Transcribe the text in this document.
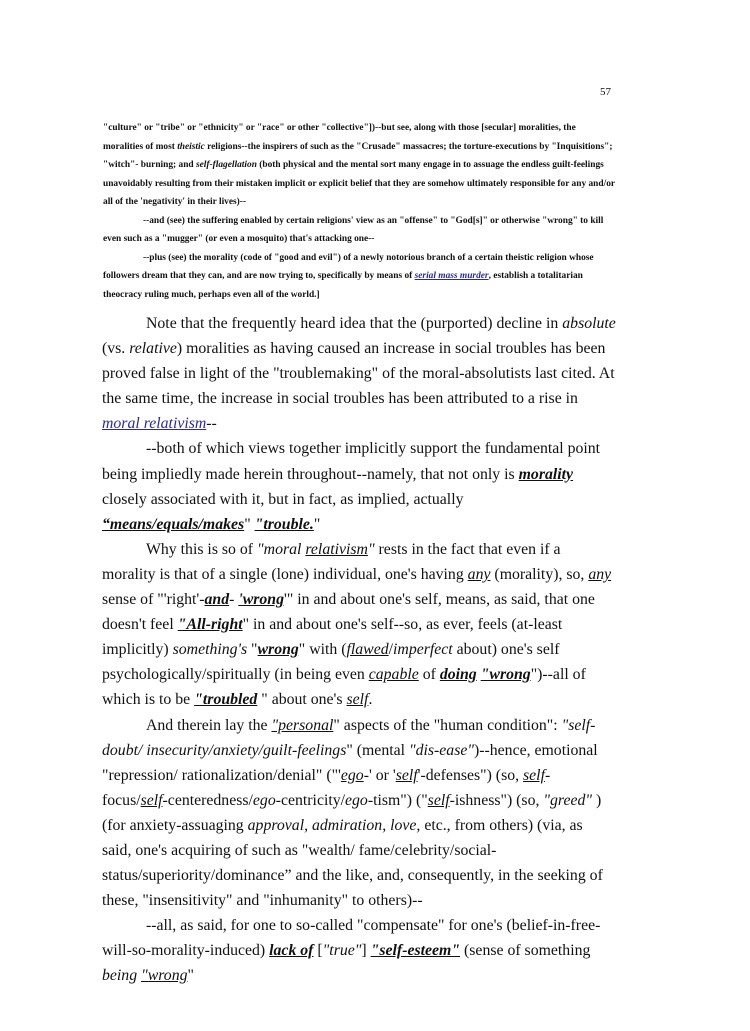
57

"culture" or "tribe" or "ethnicity" or "race" or other "collective"])--but see, along with those [secular] moralities, the moralities of most theistic religions--the inspirers of such as the "Crusade" massacres; the torture-executions by "Inquisitions"; "witch"- burning; and self-flagellation (both physical and the mental sort many engage in to assuage the endless guilt-feelings unavoidably resulting from their mistaken implicit or explicit belief that they are somehow ultimately responsible for any and/or all of the 'negativity' in their lives)--

--and (see) the suffering enabled by certain religions' view as an "offense" to "God[s]" or otherwise "wrong" to kill even such as a "mugger" (or even a mosquito) that's attacking one--

--plus (see) the morality (code of "good and evil") of a newly notorious branch of a certain theistic religion whose followers dream that they can, and are now trying to, specifically by means of serial mass murder, establish a totalitarian theocracy ruling much, perhaps even all of the world.]

Note that the frequently heard idea that the (purported) decline in absolute (vs. relative) moralities as having caused an increase in social troubles has been proved false in light of the "troublemaking" of the moral-absolutists last cited. At the same time, the increase in social troubles has been attributed to a rise in moral relativism--

--both of which views together implicitly support the fundamental point being impliedly made herein throughout--namely, that not only is morality closely associated with it, but in fact, as implied, actually “means/equals/makes" "trouble."

Why this is so of "moral relativism" rests in the fact that even if a morality is that of a single (lone) individual, one's having any (morality), so, any sense of "'right'-and- 'wrong'" in and about one's self, means, as said, that one doesn't feel "All-right" in and about one's self--so, as ever, feels (at-least implicitly) something's "wrong" with (flawed/imperfect about) one's self psychologically/spiritually (in being even capable of doing "wrong")--all of which is to be "troubled " about one's self.

And therein lay the "personal" aspects of the "human condition": "self-doubt/ insecurity/anxiety/guilt-feelings" (mental "dis-ease")--hence, emotional "repression/ rationalization/denial" ("'ego-' or 'self'-defenses") (so, self-focus/self-centeredness/ego-centricity/ego-tism") ("self-ishness") (so, "greed" ) (for anxiety-assuaging approval, admiration, love, etc., from others) (via, as said, one's acquiring of such as "wealth/ fame/celebrity/social-status/superiority/dominance” and the like, and, consequently, in the seeking of these, "insensitivity" and "inhumanity" to others)--

--all, as said, for one to so-called "compensate" for one's (belief-in-free-will-so-morality-induced) lack of ["true"] "self-esteem" (sense of something being "wrong"
